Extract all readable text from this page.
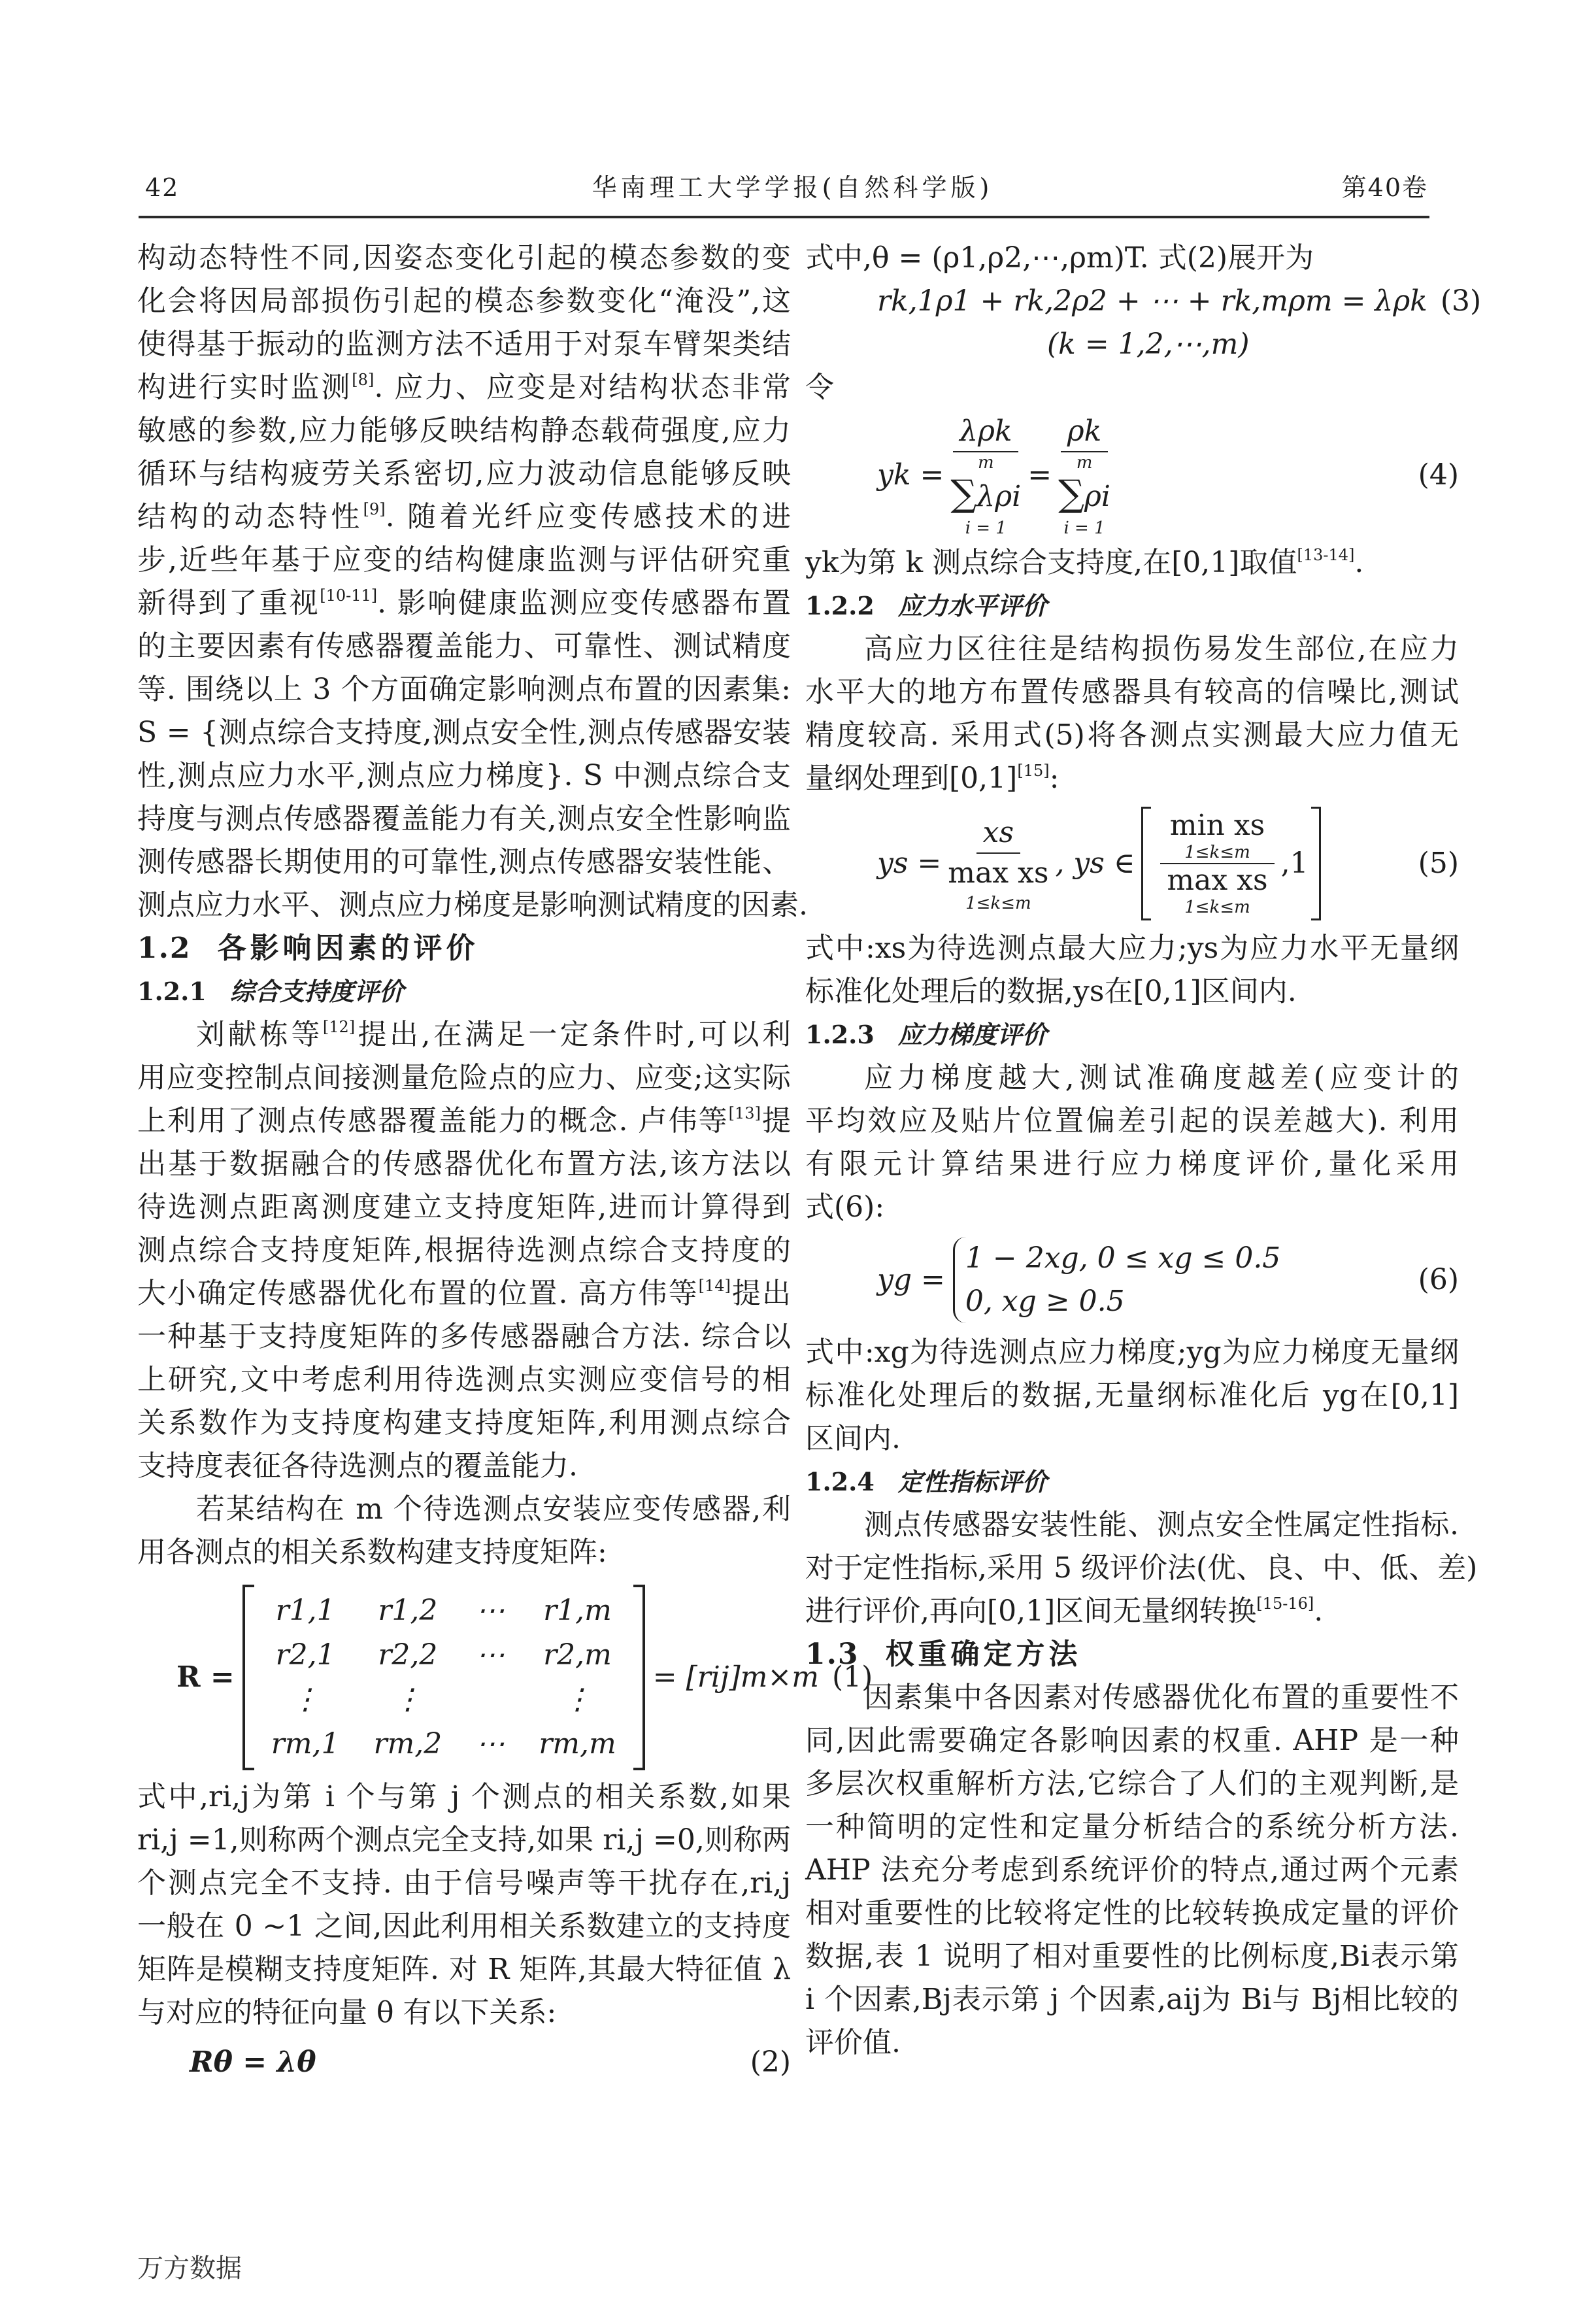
42	华南理工大学学报(自然科学版)	第40卷

构动态特性不同,因姿态变化引起的模态参数的变

化会将因局部损伤引起的模态参数变化“淹没”,这

使得基于振动的监测方法不适用于对泵车臂架类结

构进行实时监测[8]. 应力、应变是对结构状态非常

敏感的参数,应力能够反映结构静态载荷强度,应力

循环与结构疲劳关系密切,应力波动信息能够反映

结构的动态特性[9]. 随着光纤应变传感技术的进

步,近些年基于应变的结构健康监测与评估研究重

新得到了重视[10-11]. 影响健康监测应变传感器布置

的主要因素有传感器覆盖能力、可靠性、测试精度

等. 围绕以上 3 个方面确定影响测点布置的因素集:

S = {测点综合支持度,测点安全性,测点传感器安装

性,测点应力水平,测点应力梯度}. S 中测点综合支

持度与测点传感器覆盖能力有关,测点安全性影响监

测传感器长期使用的可靠性,测点传感器安装性能、

测点应力水平、测点应力梯度是影响测试精度的因素.

1.2 各影响因素的评价
1.2.1 综合支持度评价

刘献栋等[12]提出,在满足一定条件时,可以利

用应变控制点间接测量危险点的应力、应变;这实际

上利用了测点传感器覆盖能力的概念. 卢伟等[13]提

出基于数据融合的传感器优化布置方法,该方法以

待选测点距离测度建立支持度矩阵,进而计算得到

测点综合支持度矩阵,根据待选测点综合支持度的

大小确定传感器优化布置的位置. 高方伟等[14]提出

一种基于支持度矩阵的多传感器融合方法. 综合以

上研究,文中考虑利用待选测点实测应变信号的相

关系数作为支持度构建支持度矩阵,利用测点综合

支持度表征各待选测点的覆盖能力.

若某结构在 m 个待选测点安装应变传感器,利

用各测点的相关系数构建支持度矩阵:

R =
r1,1	r1,2	⋯	r1,m
r2,1	r2,2	⋯	r2,m
⋮	⋮		⋮
rm,1	rm,2	⋯	rm,m
= [rij]m×m (1)

式中,ri,j为第 i 个与第 j 个测点的相关系数,如果

ri,j =1,则称两个测点完全支持,如果 ri,j =0,则称两

个测点完全不支持. 由于信号噪声等干扰存在,ri,j

一般在 0 ~1 之间,因此利用相关系数建立的支持度

矩阵是模糊支持度矩阵. 对 R 矩阵,其最大特征值 λ

与对应的特征向量 θ 有以下关系:

Rθ = λθ	(2)

式中,θ = (ρ1,ρ2,⋯,ρm)T. 式(2)展开为

rk,1ρ1 + rk,2ρ2 + ⋯ + rk,mρm = λρk (3)
(k = 1,2,⋯,m)

令

yk =
λρk
m
∑λρi
i = 1
=
ρk
m
∑ρi
i = 1
(4)

yk为第 k 测点综合支持度,在[0,1]取值[13-14].

1.2.2 应力水平评价

高应力区往往是结构损伤易发生部位,在应力

水平大的地方布置传感器具有较高的信噪比,测试

精度较高. 采用式(5)将各测点实测最大应力值无

量纲处理到[0,1][15]:

ys =
xs
max xs
1≤k≤m
, ys ∈
min xs
1≤k≤m
max xs
1≤k≤m
,1	(5)

式中:xs为待选测点最大应力;ys为应力水平无量纲

标准化处理后的数据,ys在[0,1]区间内.

1.2.3 应力梯度评价

应力梯度越大,测试准确度越差(应变计的

平均效应及贴片位置偏差引起的误差越大). 利用

有限元计算结果进行应力梯度评价,量化采用

式(6):

yg =
1 − 2xg, 0 ≤ xg ≤ 0.5
0, xg ≥ 0.5
(6)

式中:xg为待选测点应力梯度;yg为应力梯度无量纲

标准化处理后的数据,无量纲标准化后 yg在[0,1]

区间内.

1.2.4 定性指标评价

测点传感器安装性能、测点安全性属定性指标.

对于定性指标,采用 5 级评价法(优、良、中、低、差)

进行评价,再向[0,1]区间无量纲转换[15-16].

1.3 权重确定方法

因素集中各因素对传感器优化布置的重要性不

同,因此需要确定各影响因素的权重. AHP 是一种

多层次权重解析方法,它综合了人们的主观判断,是

一种简明的定性和定量分析结合的系统分析方法.

AHP 法充分考虑到系统评价的特点,通过两个元素

相对重要性的比较将定性的比较转换成定量的评价

数据,表 1 说明了相对重要性的比例标度,Bi表示第

i 个因素,Bj表示第 j 个因素,aij为 Bi与 Bj相比较的

评价值.

万方数据
